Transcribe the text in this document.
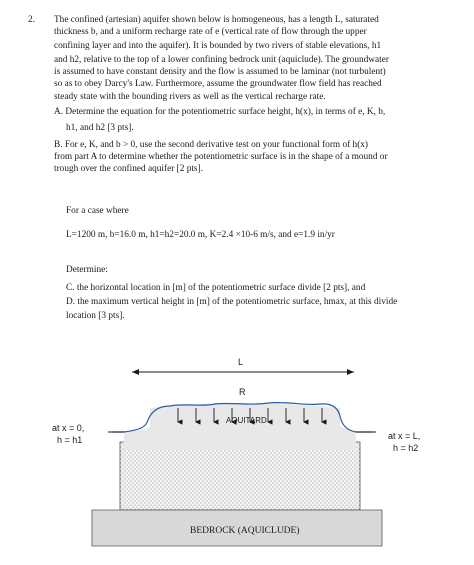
2. The confined (artesian) aquifer shown below is homogeneous, has a length L, saturated
thickness b, and a uniform recharge rate of e (vertical rate of flow through the upper
confining layer and into the aquifer). It is bounded by two rivers of stable elevations, h1
and h2, relative to the top of a lower confining bedrock unit (aquiclude). The groundwater
is assumed to have constant density and the flow is assumed to be laminar (not turbulent)
so as to obey Darcy's Law. Furthermore, assume the groundwater flow field has reached
steady state with the bounding rivers as well as the vertical recharge rate.
A. Determine the equation for the potentiometric surface height, h(x), in terms of e, K, b,
h1, and h2 [3 pts].
B. For e, K, and b > 0, use the second derivative test on your functional form of h(x)
from part A to determine whether the potentiometric surface is in the shape of a mound or
trough over the confined aquifer [2 pts].
For a case where
L=1200 m, b=16.0 m, h1=h2=20.0 m, K=2.4 ×10-6 m/s, and e=1.9 in/yr
Determine:
C. the horizontal location in [m] of the potentiometric surface divide [2 pts], and
D. the maximum vertical height in [m] of the potentiometric surface, hmax, at this divide
location [3 pts].
L
R
AQUITARD
at x = 0,
h = h1	at x = L,
h = h2
BEDROCK (AQUICLUDE)
